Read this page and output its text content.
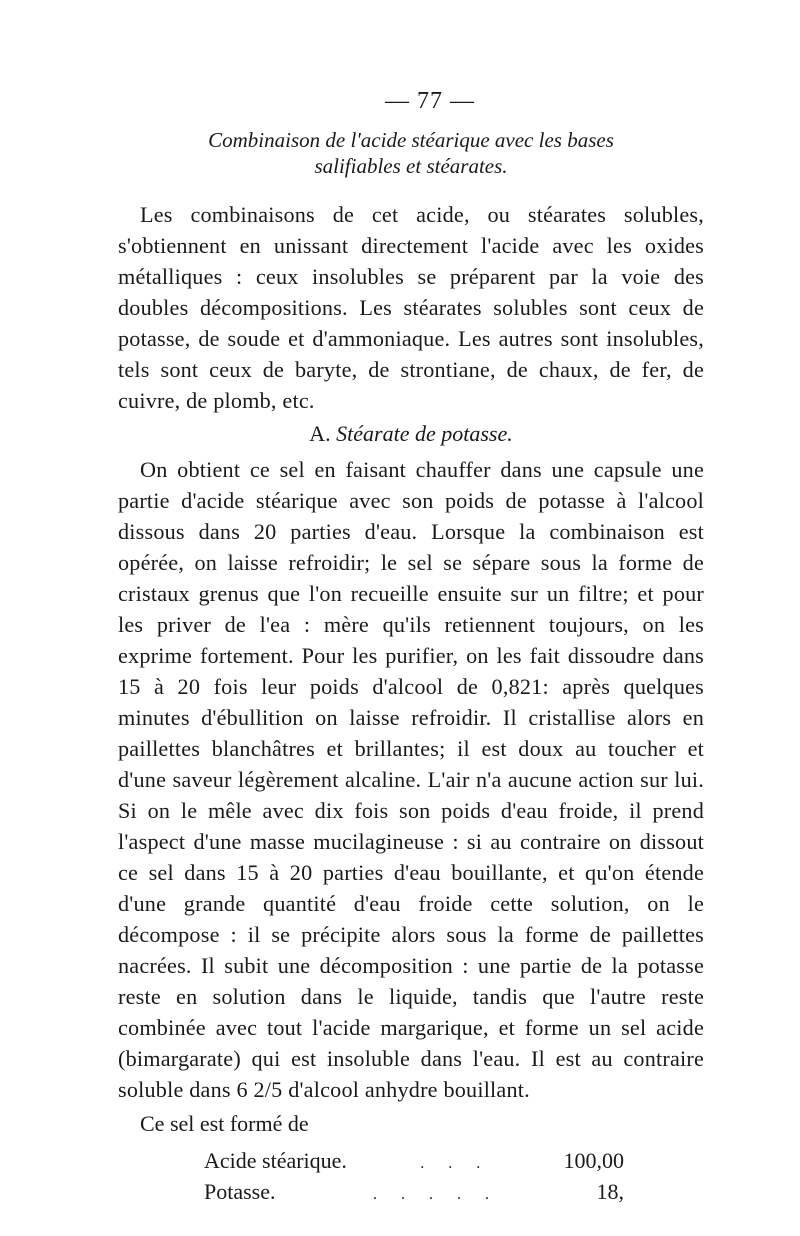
— 77 —
Combinaison de l'acide stéarique avec les bases
salifiables et stéarates.

Les combinaisons de cet acide, ou stéarates solubles, s'obtiennent en unissant directement l'acide avec les oxides métalliques : ceux insolubles se préparent par la voie des doubles décompositions. Les stéarates solubles sont ceux de potasse, de soude et d'ammoniaque. Les autres sont insolubles, tels sont ceux de baryte, de strontiane, de chaux, de fer, de cuivre, de plomb, etc.

A. Stéarate de potasse.

On obtient ce sel en faisant chauffer dans une capsule une partie d'acide stéarique avec son poids de potasse à l'alcool dissous dans 20 parties d'eau. Lorsque la combinaison est opérée, on laisse refroidir; le sel se sépare sous la forme de cristaux grenus que l'on recueille ensuite sur un filtre; et pour les priver de l'ea : mère qu'ils retiennent toujours, on les exprime fortement. Pour les purifier, on les fait dissoudre dans 15 à 20 fois leur poids d'alcool de 0,821: après quelques minutes d'ébullition on laisse refroidir. Il cristallise alors en paillettes blanchâtres et brillantes; il est doux au toucher et d'une saveur légèrement alcaline. L'air n'a aucune action sur lui. Si on le mêle avec dix fois son poids d'eau froide, il prend l'aspect d'une masse mucilagineuse : si au contraire on dissout ce sel dans 15 à 20 parties d'eau bouillante, et qu'on étende d'une grande quantité d'eau froide cette solution, on le décompose : il se précipite alors sous la forme de paillettes nacrées. Il subit une décomposition : une partie de la potasse reste en solution dans le liquide, tandis que l'autre reste combinée avec tout l'acide margarique, et forme un sel acide (bimargarate) qui est insoluble dans l'eau. Il est au contraire soluble dans 6 2/5 d'alcool anhydre bouillant.

Ce sel est formé de

Acide stéarique.	. . .	100,00
Potasse.	. . . . .	18,
